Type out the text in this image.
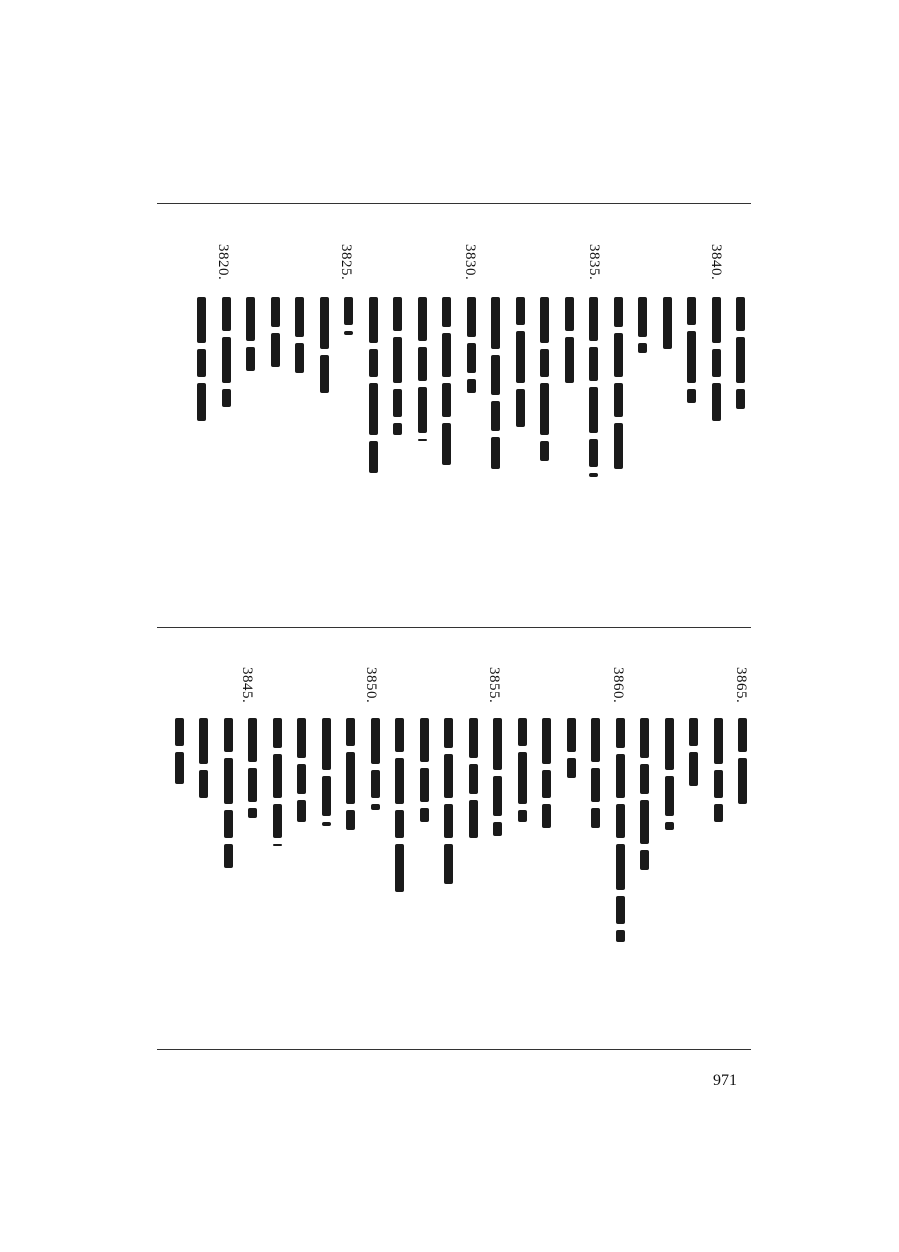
3840.
3835.
3830.
3825.
3820.
3865.
3860.
3855.
3850.
3845.
971
